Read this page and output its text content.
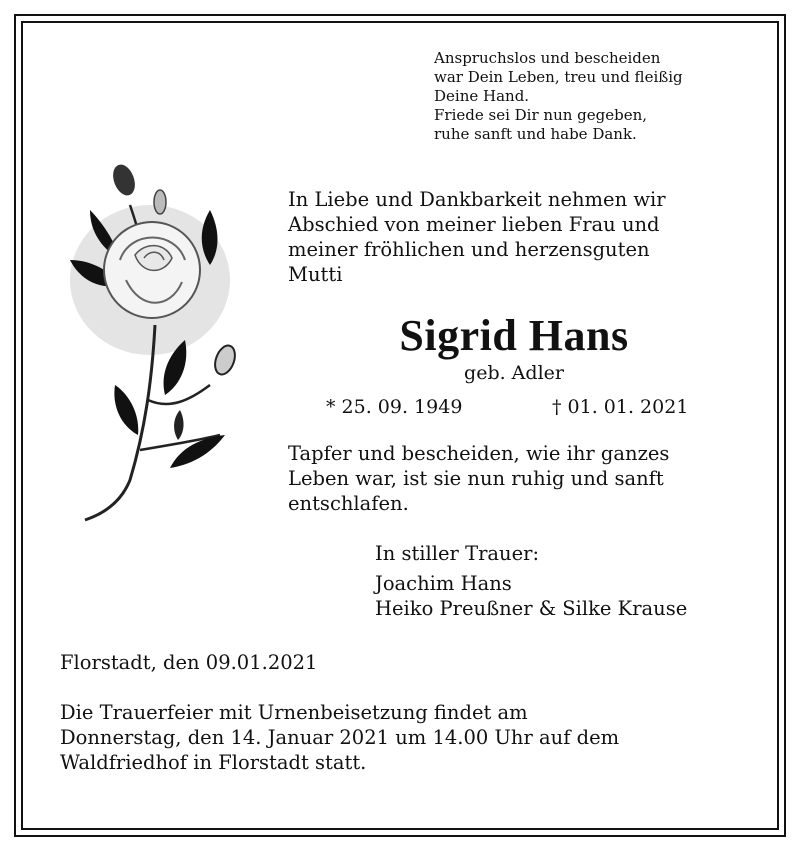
Anspruchslos und bescheiden
war Dein Leben, treu und fleißig
Deine Hand.
Friede sei Dir nun gegeben,
ruhe sanft und habe Dank.
In Liebe und Dankbarkeit nehmen wir
Abschied von meiner lieben Frau und
meiner fröhlichen und herzensguten
Mutti
Sigrid Hans
geb. Adler
* 25. 09. 1949	† 01. 01. 2021
Tapfer und bescheiden, wie ihr ganzes
Leben war, ist sie nun ruhig und sanft
entschlafen.
In stiller Trauer:
Joachim Hans
Heiko Preußner & Silke Krause
Florstadt, den 09.01.2021
Die Trauerfeier mit Urnenbeisetzung findet am
Donnerstag, den 14. Januar 2021 um 14.00 Uhr auf dem
Waldfriedhof in Florstadt statt.
